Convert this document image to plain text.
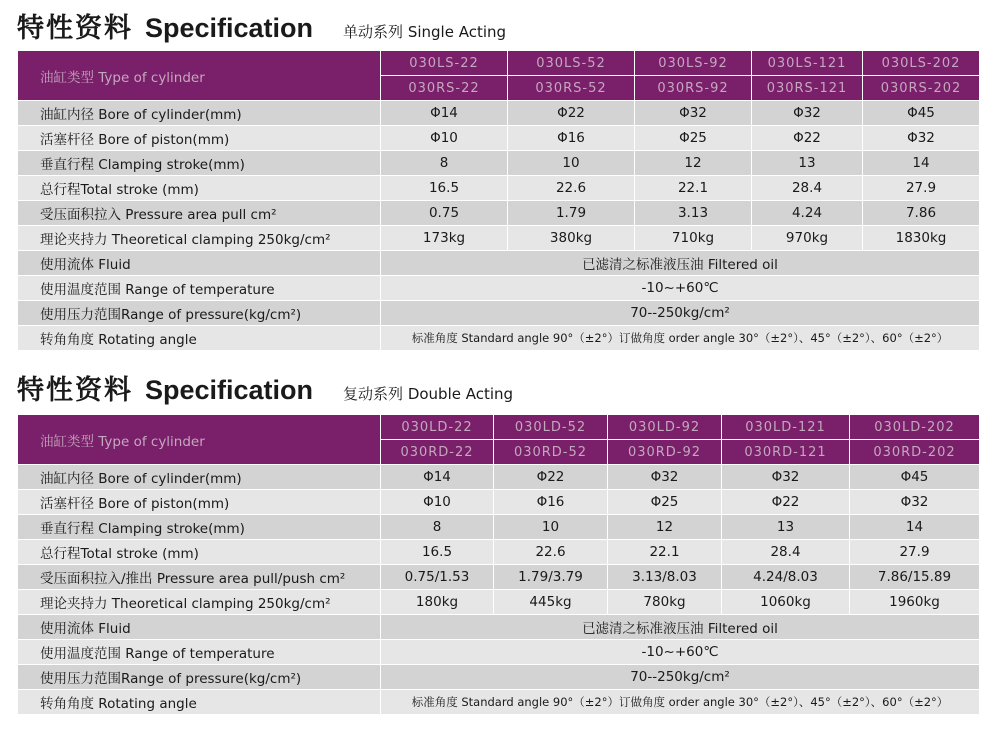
特性资料 Specification 单动系列 Single Acting
油缸类型 Type of cylinder	030LS-22	030LS-52	030LS-92	030LS-121	030LS-202
	030RS-22	030RS-52	030RS-92	030RS-121	030RS-202
油缸内径 Bore of cylinder(mm)	Φ14	Φ22	Φ32	Φ32	Φ45
活塞杆径 Bore of piston(mm)	Φ10	Φ16	Φ25	Φ22	Φ32
垂直行程 Clamping stroke(mm)	8	10	12	13	14
总行程Total stroke (mm)	16.5	22.6	22.1	28.4	27.9
受压面积拉入 Pressure area pull cm²	0.75	1.79	3.13	4.24	7.86
理论夹持力 Theoretical clamping 250kg/cm²	173kg	380kg	710kg	970kg	1830kg
使用流体 Fluid	已滤清之标准液压油 Filtered oil				
使用温度范围 Range of temperature	-10~+60℃				
使用压力范围Range of pressure(kg/cm²)	70--250kg/cm²				
转角角度 Rotating angle	标准角度 Standard angle 90°（±2°）订做角度 order angle 30°（±2°）、45°（±2°）、60°（±2°）				
特性资料 Specification 复动系列 Double Acting
油缸类型 Type of cylinder	030LD-22	030LD-52	030LD-92	030LD-121	030LD-202
	030RD-22	030RD-52	030RD-92	030RD-121	030RD-202
油缸内径 Bore of cylinder(mm)	Φ14	Φ22	Φ32	Φ32	Φ45
活塞杆径 Bore of piston(mm)	Φ10	Φ16	Φ25	Φ22	Φ32
垂直行程 Clamping stroke(mm)	8	10	12	13	14
总行程Total stroke (mm)	16.5	22.6	22.1	28.4	27.9
受压面积拉入/推出 Pressure area pull/push cm²	0.75/1.53	1.79/3.79	3.13/8.03	4.24/8.03	7.86/15.89
理论夹持力 Theoretical clamping 250kg/cm²	180kg	445kg	780kg	1060kg	1960kg
使用流体 Fluid	已滤清之标准液压油 Filtered oil				
使用温度范围 Range of temperature	-10~+60℃				
使用压力范围Range of pressure(kg/cm²)	70--250kg/cm²				
转角角度 Rotating angle	标准角度 Standard angle 90°（±2°）订做角度 order angle 30°（±2°）、45°（±2°）、60°（±2°）				
